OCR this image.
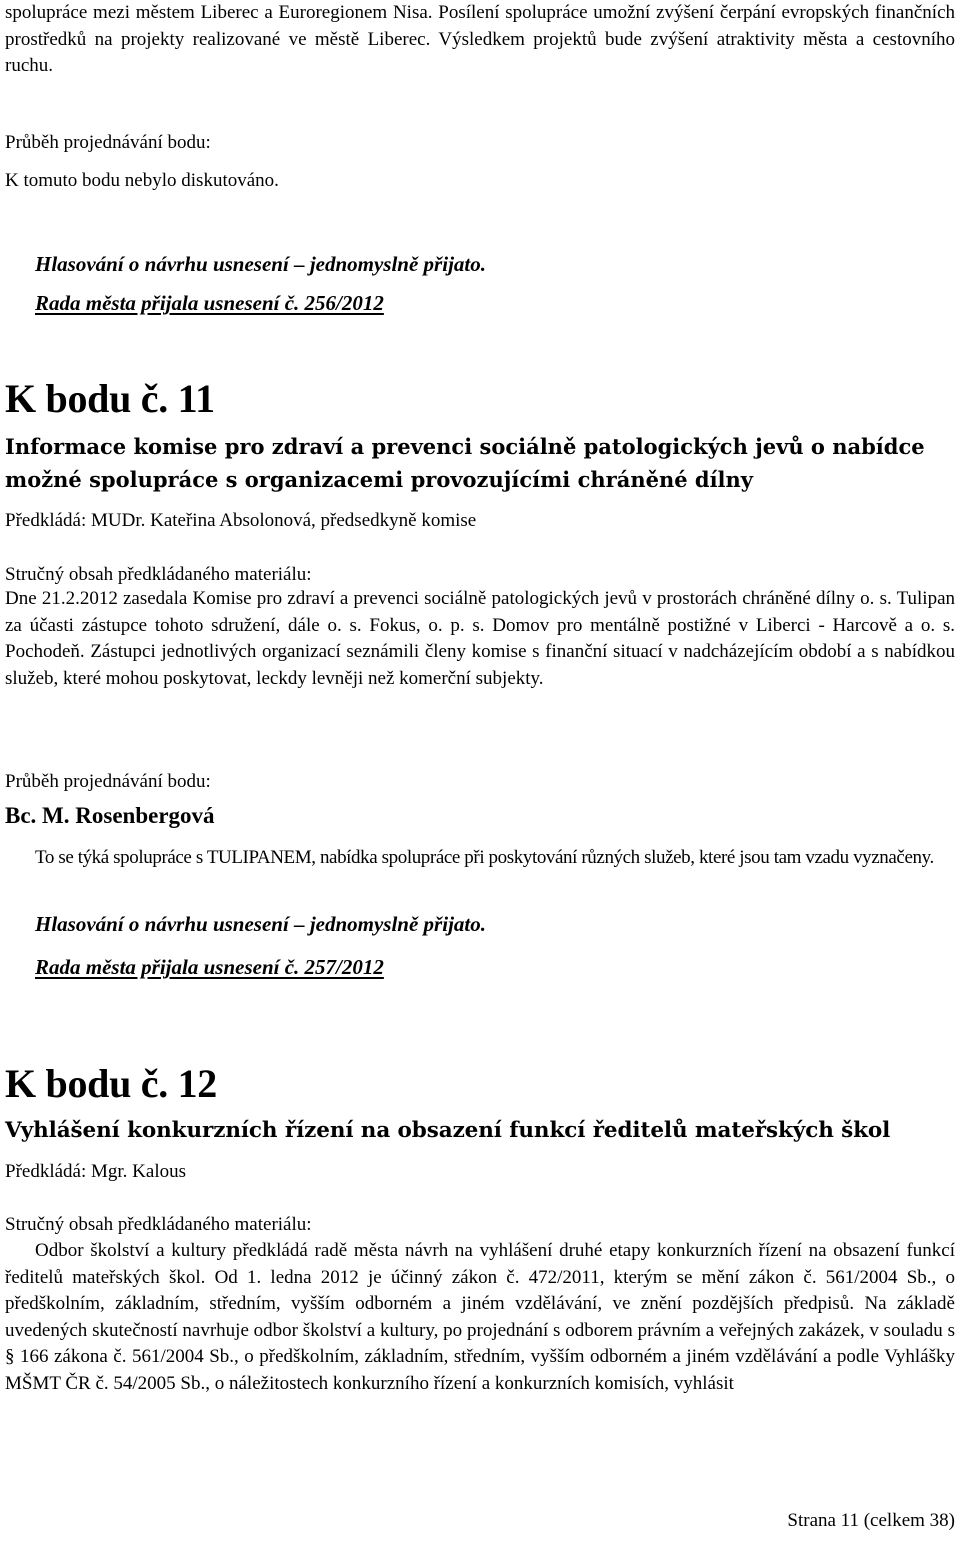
spolupráce mezi městem Liberec a Euroregionem Nisa. Posílení spolupráce umožní zvýšení čerpání evropských finančních prostředků na projekty realizované ve městě Liberec. Výsledkem projektů bude zvýšení atraktivity města a cestovního ruchu.

Průběh projednávání bodu:
K tomuto bodu nebylo diskutováno.
Hlasování o návrhu usnesení – jednomyslně přijato.
Rada města přijala usnesení č. 256/2012
K bodu č. 11

Informace komise pro zdraví a prevenci sociálně patologických jevů o nabídce možné spolupráce s organizacemi provozujícími chráněné dílny

Předkládá: MUDr. Kateřina Absolonová, předsedkyně komise
Stručný obsah předkládaného materiálu:

Dne 21.2.2012 zasedala Komise pro zdraví a prevenci sociálně patologických jevů v prostorách chráněné dílny o. s. Tulipan za účasti zástupce tohoto sdružení, dále o. s. Fokus, o. p. s. Domov pro mentálně postižné v Liberci - Harcově a o. s. Pochodeň. Zástupci jednotlivých organizací seznámili členy komise s finanční situací v nadcházejícím období a s nabídkou služeb, které mohou poskytovat, leckdy levněji než komerční subjekty.

Průběh projednávání bodu:
Bc. M. Rosenbergová

To se týká spolupráce s TULIPANEM, nabídka spolupráce při poskytování různých služeb, které jsou tam vzadu vyznačeny.

Hlasování o návrhu usnesení – jednomyslně přijato.
Rada města přijala usnesení č. 257/2012
K bodu č. 12
Vyhlášení konkurzních řízení na obsazení funkcí ředitelů mateřských škol
Předkládá: Mgr. Kalous
Stručný obsah předkládaného materiálu:

Odbor školství a kultury předkládá radě města návrh na vyhlášení druhé etapy konkurzních řízení na obsazení funkcí ředitelů mateřských škol. Od 1. ledna 2012 je účinný zákon č. 472/2011, kterým se mění zákon č. 561/2004 Sb., o předškolním, základním, středním, vyšším odborném a jiném vzdělávání, ve znění pozdějších předpisů. Na základě uvedených skutečností navrhuje odbor školství a kultury, po projednání s odborem právním a veřejných zakázek, v souladu s § 166 zákona č. 561/2004 Sb., o předškolním, základním, středním, vyšším odborném a jiném vzdělávání a podle Vyhlášky MŠMT ČR č. 54/2005 Sb., o náležitostech konkurzního řízení a konkurzních komisích, vyhlásit

Strana 11 (celkem 38)
